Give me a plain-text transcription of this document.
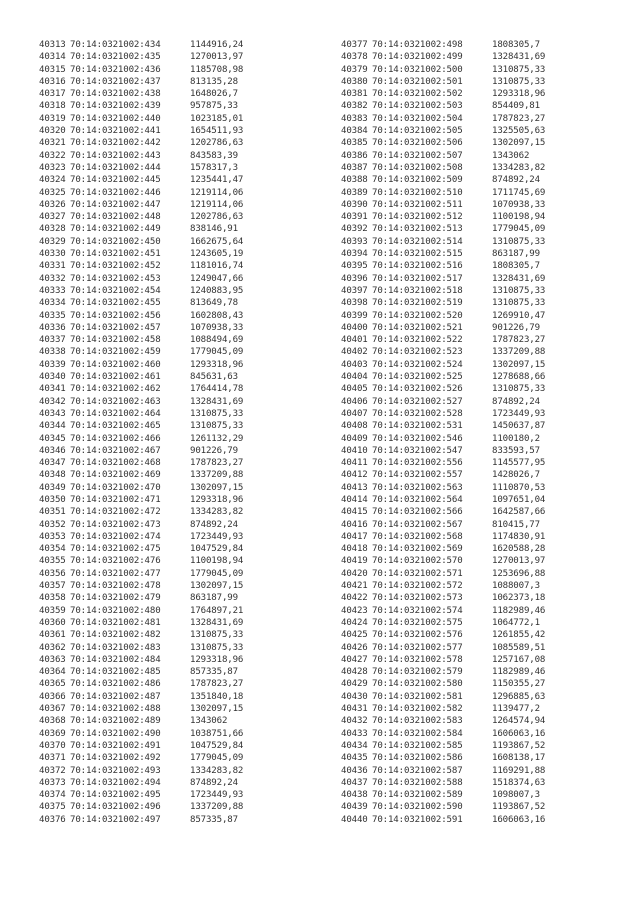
40313 70:14:0321002:434	1144916,24
40314 70:14:0321002:435	1270013,97
40315 70:14:0321002:436	1185708,98
40316 70:14:0321002:437	813135,28
40317 70:14:0321002:438	1648026,7
40318 70:14:0321002:439	957875,33
40319 70:14:0321002:440	1023185,01
40320 70:14:0321002:441	1654511,93
40321 70:14:0321002:442	1202786,63
40322 70:14:0321002:443	843583,39
40323 70:14:0321002:444	1578317,3
40324 70:14:0321002:445	1235441,47
40325 70:14:0321002:446	1219114,06
40326 70:14:0321002:447	1219114,06
40327 70:14:0321002:448	1202786,63
40328 70:14:0321002:449	838146,91
40329 70:14:0321002:450	1662675,64
40330 70:14:0321002:451	1243605,19
40331 70:14:0321002:452	1181016,74
40332 70:14:0321002:453	1249047,66
40333 70:14:0321002:454	1240883,95
40334 70:14:0321002:455	813649,78
40335 70:14:0321002:456	1602808,43
40336 70:14:0321002:457	1070938,33
40337 70:14:0321002:458	1088494,69
40338 70:14:0321002:459	1779045,09
40339 70:14:0321002:460	1293318,96
40340 70:14:0321002:461	845631,63
40341 70:14:0321002:462	1764414,78
40342 70:14:0321002:463	1328431,69
40343 70:14:0321002:464	1310875,33
40344 70:14:0321002:465	1310875,33
40345 70:14:0321002:466	1261132,29
40346 70:14:0321002:467	901226,79
40347 70:14:0321002:468	1787823,27
40348 70:14:0321002:469	1337209,88
40349 70:14:0321002:470	1302097,15
40350 70:14:0321002:471	1293318,96
40351 70:14:0321002:472	1334283,82
40352 70:14:0321002:473	874892,24
40353 70:14:0321002:474	1723449,93
40354 70:14:0321002:475	1047529,84
40355 70:14:0321002:476	1100198,94
40356 70:14:0321002:477	1779045,09
40357 70:14:0321002:478	1302097,15
40358 70:14:0321002:479	863187,99
40359 70:14:0321002:480	1764897,21
40360 70:14:0321002:481	1328431,69
40361 70:14:0321002:482	1310875,33
40362 70:14:0321002:483	1310875,33
40363 70:14:0321002:484	1293318,96
40364 70:14:0321002:485	857335,87
40365 70:14:0321002:486	1787823,27
40366 70:14:0321002:487	1351840,18
40367 70:14:0321002:488	1302097,15
40368 70:14:0321002:489	1343062
40369 70:14:0321002:490	1038751,66
40370 70:14:0321002:491	1047529,84
40371 70:14:0321002:492	1779045,09
40372 70:14:0321002:493	1334283,82
40373 70:14:0321002:494	874892,24
40374 70:14:0321002:495	1723449,93
40375 70:14:0321002:496	1337209,88
40376 70:14:0321002:497	857335,87
40377 70:14:0321002:498	1808305,7
40378 70:14:0321002:499	1328431,69
40379 70:14:0321002:500	1310875,33
40380 70:14:0321002:501	1310875,33
40381 70:14:0321002:502	1293318,96
40382 70:14:0321002:503	854409,81
40383 70:14:0321002:504	1787823,27
40384 70:14:0321002:505	1325505,63
40385 70:14:0321002:506	1302097,15
40386 70:14:0321002:507	1343062
40387 70:14:0321002:508	1334283,82
40388 70:14:0321002:509	874892,24
40389 70:14:0321002:510	1711745,69
40390 70:14:0321002:511	1070938,33
40391 70:14:0321002:512	1100198,94
40392 70:14:0321002:513	1779045,09
40393 70:14:0321002:514	1310875,33
40394 70:14:0321002:515	863187,99
40395 70:14:0321002:516	1808305,7
40396 70:14:0321002:517	1328431,69
40397 70:14:0321002:518	1310875,33
40398 70:14:0321002:519	1310875,33
40399 70:14:0321002:520	1269910,47
40400 70:14:0321002:521	901226,79
40401 70:14:0321002:522	1787823,27
40402 70:14:0321002:523	1337209,88
40403 70:14:0321002:524	1302097,15
40404 70:14:0321002:525	1278688,66
40405 70:14:0321002:526	1310875,33
40406 70:14:0321002:527	874892,24
40407 70:14:0321002:528	1723449,93
40408 70:14:0321002:531	1450637,87
40409 70:14:0321002:546	1100180,2
40410 70:14:0321002:547	833593,57
40411 70:14:0321002:556	1145577,95
40412 70:14:0321002:557	1428026,7
40413 70:14:0321002:563	1110870,53
40414 70:14:0321002:564	1097651,04
40415 70:14:0321002:566	1642587,66
40416 70:14:0321002:567	810415,77
40417 70:14:0321002:568	1174830,91
40418 70:14:0321002:569	1620588,28
40419 70:14:0321002:570	1270013,97
40420 70:14:0321002:571	1253696,88
40421 70:14:0321002:572	1088007,3
40422 70:14:0321002:573	1062373,18
40423 70:14:0321002:574	1182989,46
40424 70:14:0321002:575	1064772,1
40425 70:14:0321002:576	1261855,42
40426 70:14:0321002:577	1085589,51
40427 70:14:0321002:578	1257167,08
40428 70:14:0321002:579	1182989,46
40429 70:14:0321002:580	1150355,27
40430 70:14:0321002:581	1296885,63
40431 70:14:0321002:582	1139477,2
40432 70:14:0321002:583	1264574,94
40433 70:14:0321002:584	1606063,16
40434 70:14:0321002:585	1193867,52
40435 70:14:0321002:586	1608138,17
40436 70:14:0321002:587	1169291,88
40437 70:14:0321002:588	1518374,63
40438 70:14:0321002:589	1098007,3
40439 70:14:0321002:590	1193867,52
40440 70:14:0321002:591	1606063,16
